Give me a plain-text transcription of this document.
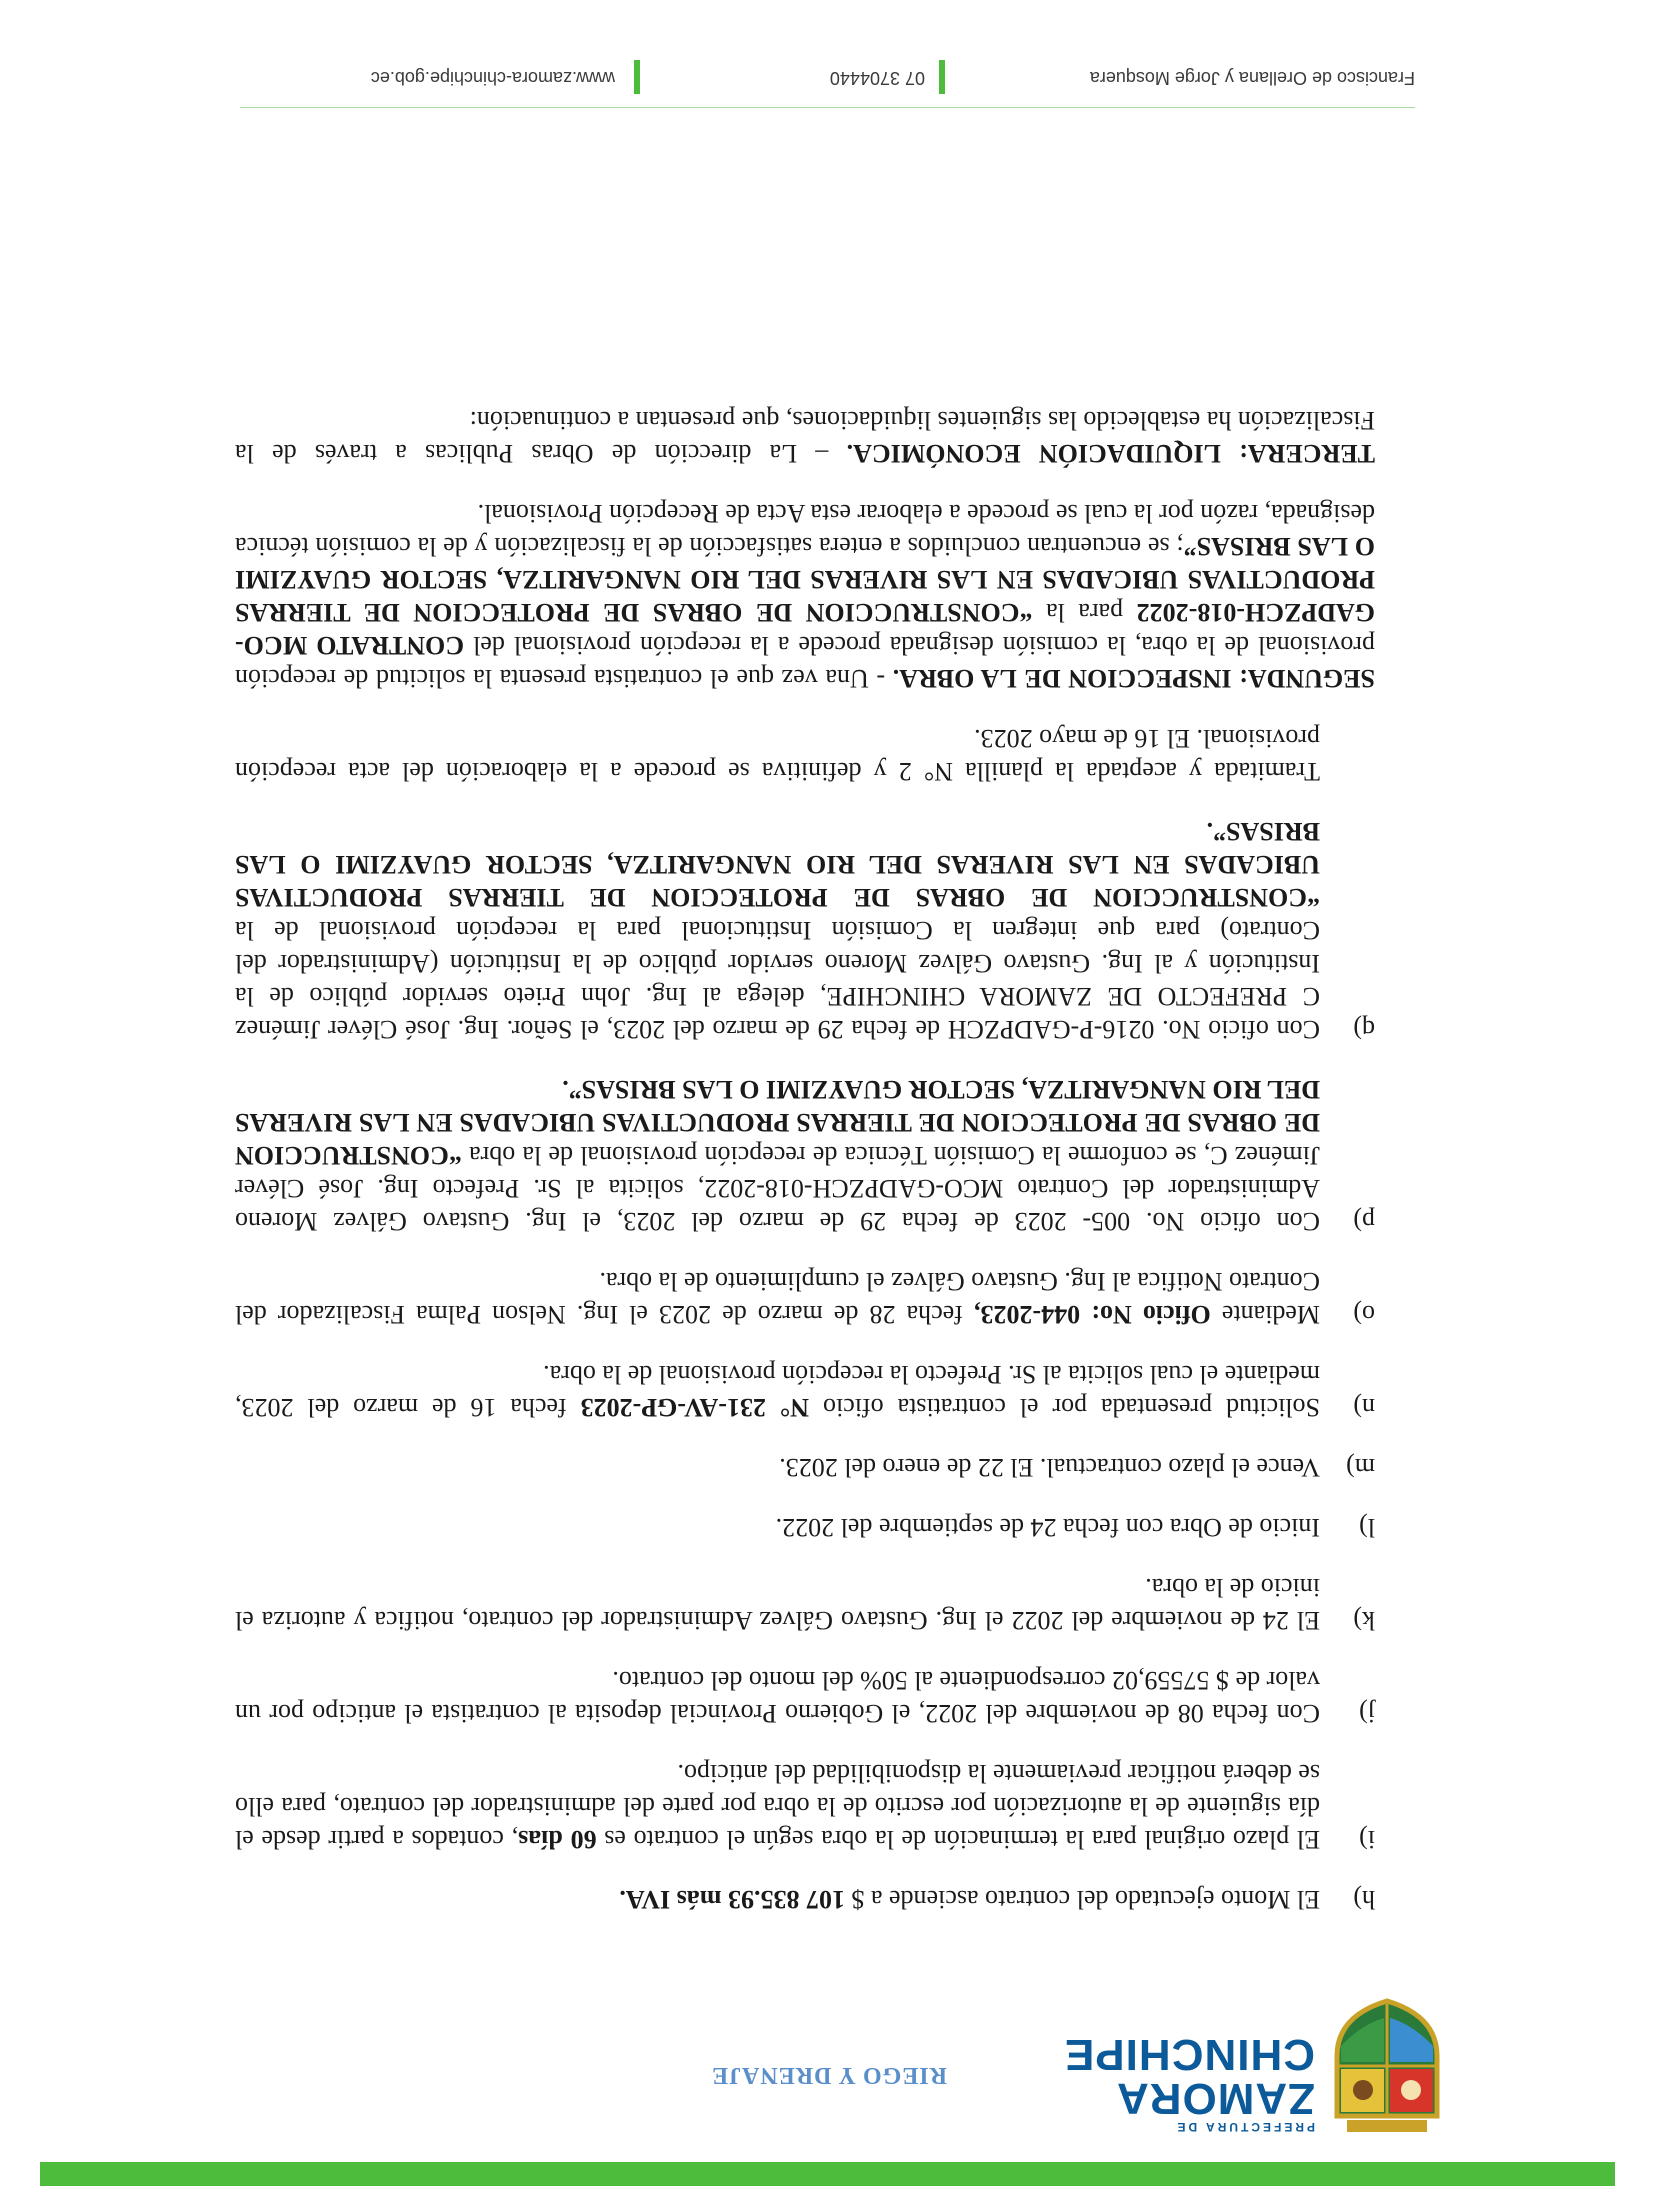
PREFECTURA DE
ZAMORA
CHINCHIPE
RIEGO Y DRENAJE
h)
El Monto ejecutado del contrato asciende a $ 107 835.93 más IVA.
i)
El plazo original para la terminación de la obra según el contrato es 60 días, contados a partir desde el día siguiente de la autorización por escrito de la obra por parte del administrador del contrato, para ello se deberá notificar previamente la disponibilidad del anticipo.
j)
Con fecha 08 de noviembre del 2022, el Gobierno Provincial deposita al contratista el anticipo por un valor de $ 57559,02 correspondiente al 50% del monto del contrato.
k)
El 24 de noviembre del 2022 el Ing. Gustavo Gálvez Administrador del contrato, notifica y autoriza el inicio de la obra.
l)
Inicio de Obra con fecha 24 de septiembre del 2022.
m)
Vence el plazo contractual. El 22 de enero del 2023.
n)
Solicitud presentada por el contratista oficio N° 231-AV-GP-2023 fecha 16 de marzo del 2023, mediante el cual solicita al Sr. Prefecto la recepción provisional de la obra.
o)
Mediante Oficio No: 044-2023, fecha 28 de marzo de 2023 el Ing. Nelson Palma Fiscalizador del Contrato Notifica al Ing. Gustavo Gálvez el cumplimiento de la obra.
p)
Con oficio No. 005- 2023 de fecha 29 de marzo del 2023, el Ing. Gustavo Gálvez Moreno Administrador del Contrato MCO-GADPZCH-018-2022, solicita al Sr. Prefecto Ing. José Cléver Jiménez C, se conforme la Comisión Técnica de recepción provisional de la obra “CONSTRUCCION DE OBRAS DE PROTECCION DE TIERRAS PRODUCTIVAS UBICADAS EN LAS RIVERAS DEL RIO NANGARITZA, SECTOR GUAYZIMI O LAS BRISAS”.
q)
Con oficio No. 0216-P-GADPZCH de fecha 29 de marzo del 2023, el Señor. Ing. José Cléver Jiménez C PREFECTO DE ZAMORA CHINCHIPE, delega al Ing. John Prieto servidor público de la Institución y al Ing. Gustavo Gálvez Moreno servidor público de la Institución (Administrador del Contrato) para que integren la Comisión Institucional para la recepción provisional de la “CONSTRUCCION DE OBRAS DE PROTECCION DE TIERRAS PRODUCTIVAS UBICADAS EN LAS RIVERAS DEL RIO NANGARITZA, SECTOR GUAYZIMI O LAS BRISAS”.
Tramitada y aceptada la planilla N° 2 y definitiva se procede a la elaboración del acta recepción provisional. El 16 de mayo 2023.
SEGUNDA: INSPECCION DE LA OBRA. - Una vez que el contratista presenta la solicitud de recepción provisional de la obra, la comisión designada procede a la recepción provisional del CONTRATO MCO-GADPZCH-018-2022 para la “CONSTRUCCION DE OBRAS DE PROTECCION DE TIERRAS PRODUCTIVAS UBICADAS EN LAS RIVERAS DEL RIO NANGARITZA, SECTOR GUAYZIMI O LAS BRISAS”; se encuentran concluidos a entera satisfacción de la fiscalización y de la comisión técnica designada, razón por la cual se procede a elaborar esta Acta de Recepción Provisional.
TERCERA: LIQUIDACIÓN ECONÓMICA. – La dirección de Obras Publicas a través de la Fiscalización ha establecido las siguientes liquidaciones, que presentan a continuación:
Francisco de Orellana y Jorge Mosquera
07 3704440
www.zamora-chinchipe.gob.ec
